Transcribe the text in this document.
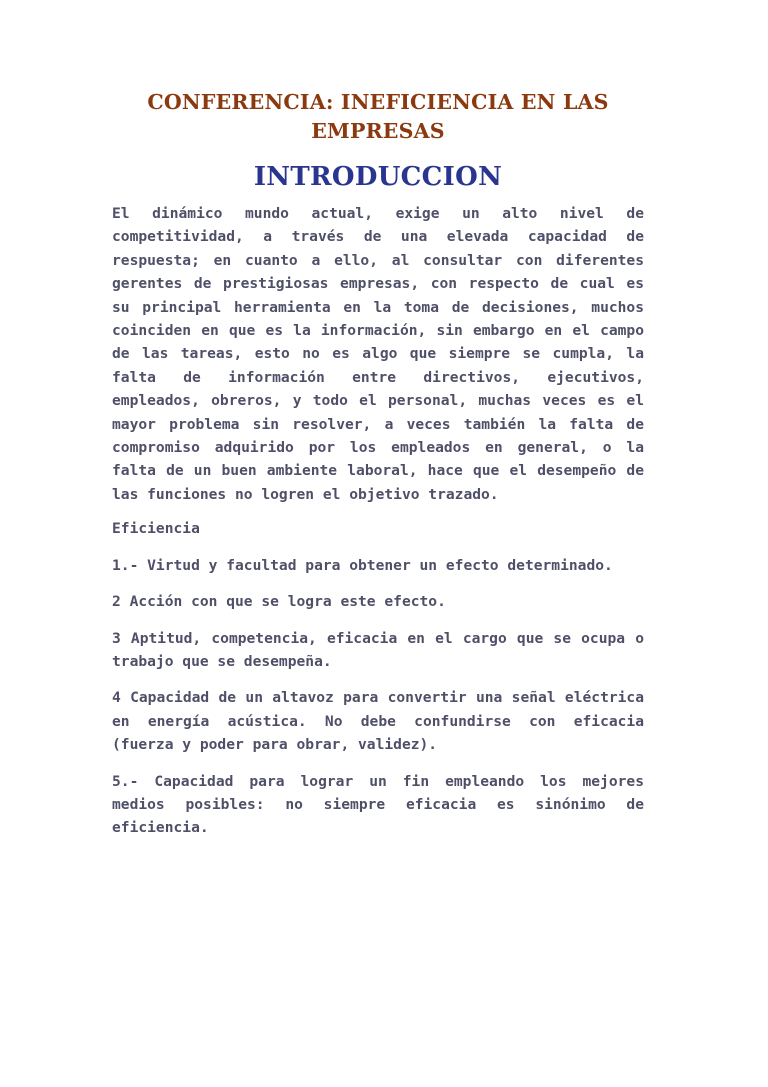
CONFERENCIA: INEFICIENCIA EN LAS
EMPRESAS
INTRODUCCION

El dinámico mundo actual, exige un alto nivel de competitividad, a través de una elevada capacidad de respuesta; en cuanto a ello, al consultar con diferentes gerentes de prestigiosas empresas, con respecto de cual es su principal herramienta en la toma de decisiones, muchos coinciden en que es la información, sin embargo en el campo de las tareas, esto no es algo que siempre se cumpla, la falta de información entre directivos, ejecutivos, empleados, obreros, y todo el personal, muchas veces es el mayor problema sin resolver, a veces también la falta de compromiso adquirido por los empleados en general, o la falta de un buen ambiente laboral, hace que el desempeño de las funciones no logren el objetivo trazado.

Eficiencia

1.- Virtud y facultad para obtener un efecto determinado.

2 Acción con que se logra este efecto.

3 Aptitud, competencia, eficacia en el cargo que se ocupa o trabajo que se desempeña.

4 Capacidad de un altavoz para convertir una señal eléctrica en energía acústica. No debe confundirse con eficacia (fuerza y poder para obrar, validez).

5.- Capacidad para lograr un fin empleando los mejores medios posibles: no siempre eficacia es sinónimo de eficiencia.
